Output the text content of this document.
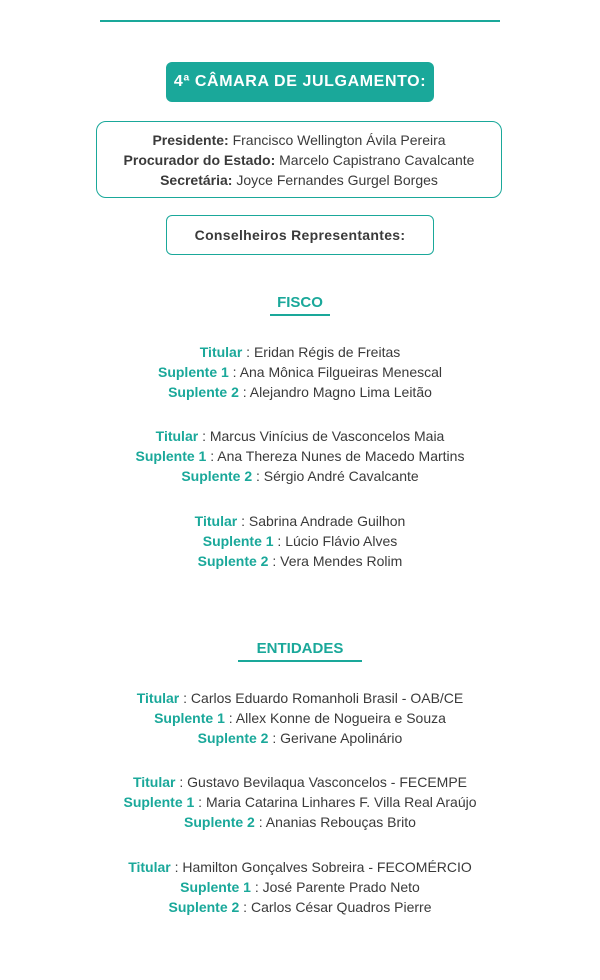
4ª CÂMARA DE JULGAMENTO:
Presidente: Francisco Wellington Ávila Pereira
Procurador do Estado: Marcelo Capistrano Cavalcante
Secretária: Joyce Fernandes Gurgel Borges
Conselheiros Representantes:
FISCO
Titular : Eridan Régis de Freitas
Suplente 1 : Ana Mônica Filgueiras Menescal
Suplente 2 : Alejandro Magno Lima Leitão
Titular : Marcus Vinícius de Vasconcelos Maia
Suplente 1 : Ana Thereza Nunes de Macedo Martins
Suplente 2 : Sérgio André Cavalcante
Titular : Sabrina Andrade Guilhon
Suplente 1 : Lúcio Flávio Alves
Suplente 2 : Vera Mendes Rolim
ENTIDADES
Titular : Carlos Eduardo Romanholi Brasil - OAB/CE
Suplente 1 : Allex Konne de Nogueira e Souza
Suplente 2 : Gerivane Apolinário
Titular : Gustavo Bevilaqua Vasconcelos - FECEMPE
Suplente 1 : Maria Catarina Linhares F. Villa Real Araújo
Suplente 2 : Ananias Rebouças Brito
Titular : Hamilton Gonçalves Sobreira - FECOMÉRCIO
Suplente 1 : José Parente Prado Neto
Suplente 2 : Carlos César Quadros Pierre
